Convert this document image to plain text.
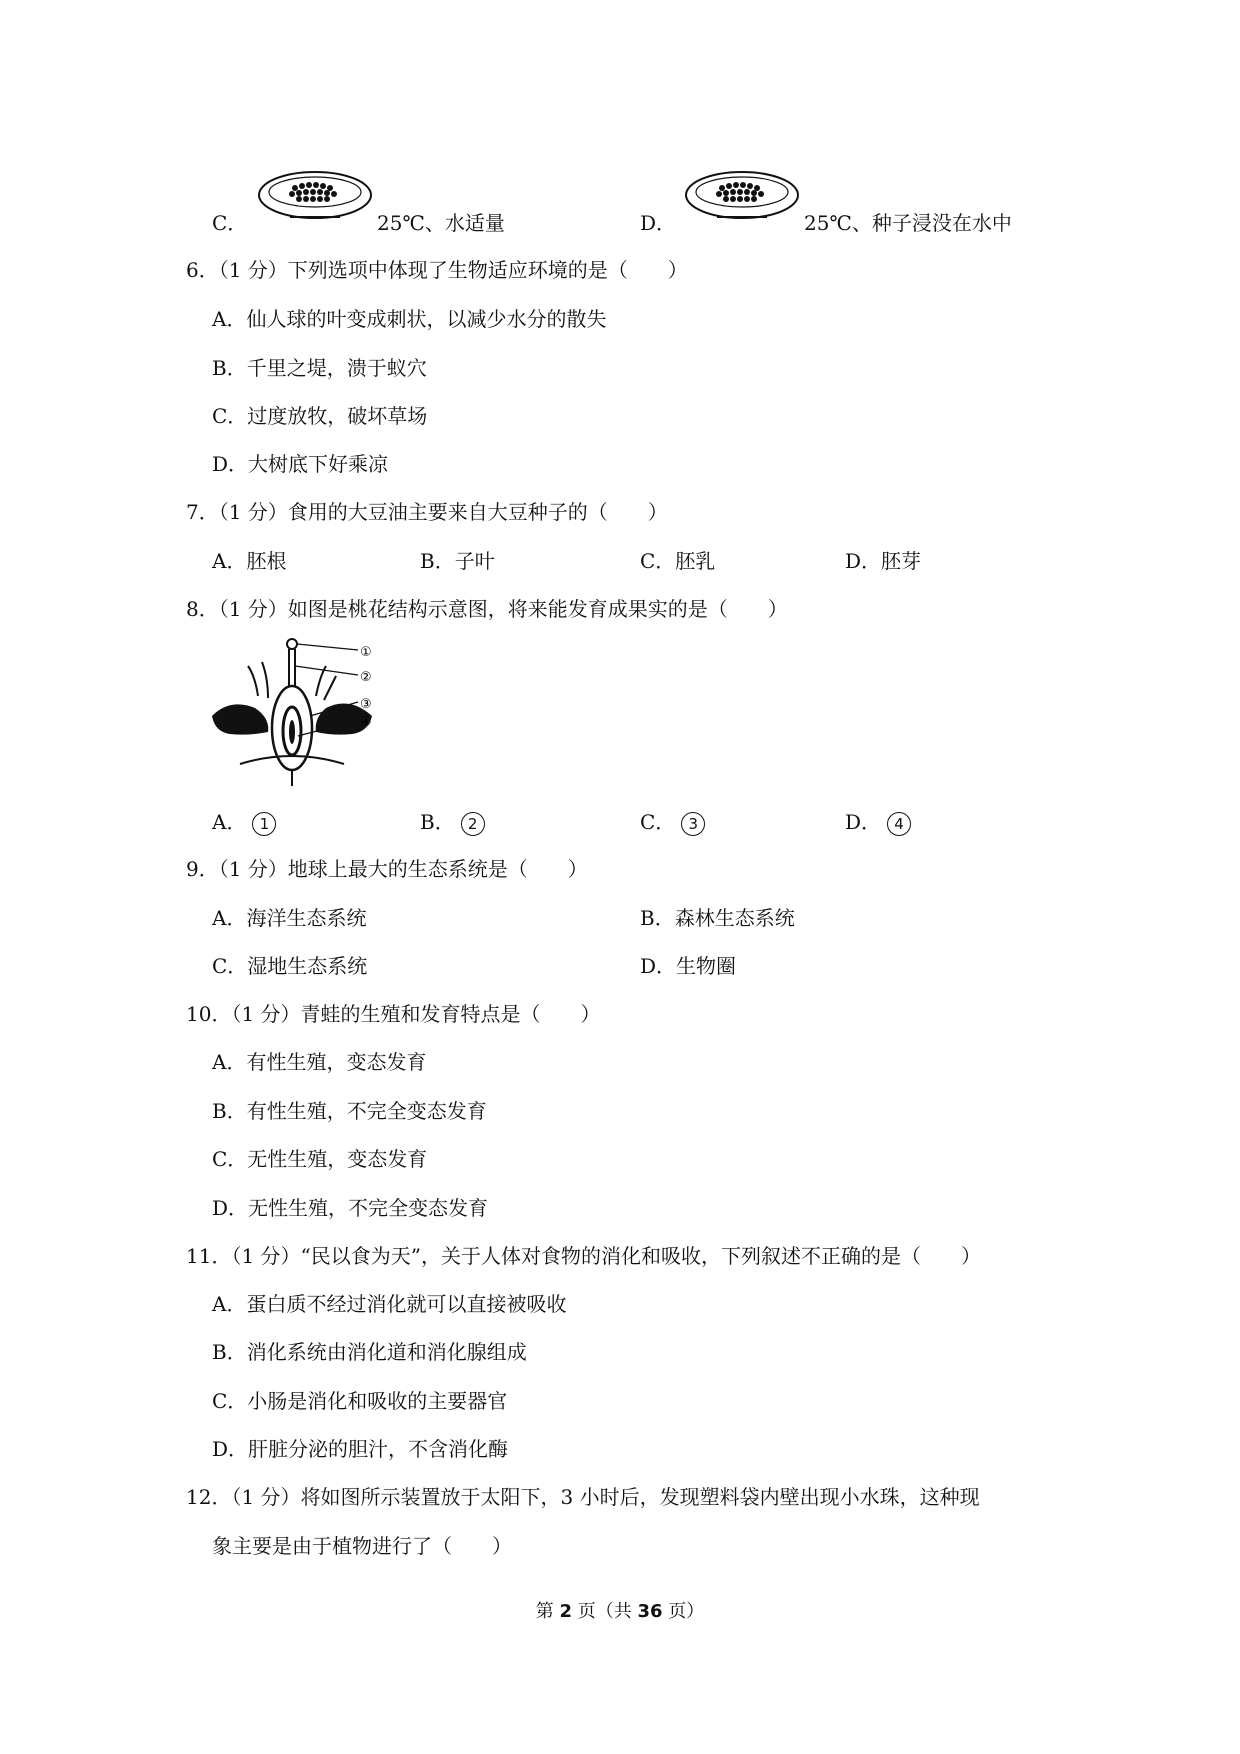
C．	25℃、水适量	D．	25℃、种子浸没在水中
6．（1 分）下列选项中体现了生物适应环境的是（　　）
A．仙人球的叶变成刺状，以减少水分的散失
B．千里之堤，溃于蚁穴
C．过度放牧，破坏草场
D．大树底下好乘凉
7．（1 分）食用的大豆油主要来自大豆种子的（　　）
A．胚根	B．子叶	C．胚乳	D．胚芽
8．（1 分）如图是桃花结构示意图，将来能发育成果实的是（　　）
①
②
③
④
A． 1	B． 2	C． 3	D． 4
9．（1 分）地球上最大的生态系统是（　　）
A．海洋生态系统	B．森林生态系统
C．湿地生态系统	D．生物圈
10．（1 分）青蛙的生殖和发育特点是（　　）
A．有性生殖，变态发育
B．有性生殖，不完全变态发育
C．无性生殖，变态发育
D．无性生殖，不完全变态发育
11．（1 分）“民以食为天”，关于人体对食物的消化和吸收，下列叙述不正确的是（　　）
A．蛋白质不经过消化就可以直接被吸收
B．消化系统由消化道和消化腺组成
C．小肠是消化和吸收的主要器官
D．肝脏分泌的胆汁，不含消化酶
12．（1 分）将如图所示装置放于太阳下，3 小时后，发现塑料袋内壁出现小水珠，这种现
象主要是由于植物进行了（　　）
第 2 页（共 36 页）
